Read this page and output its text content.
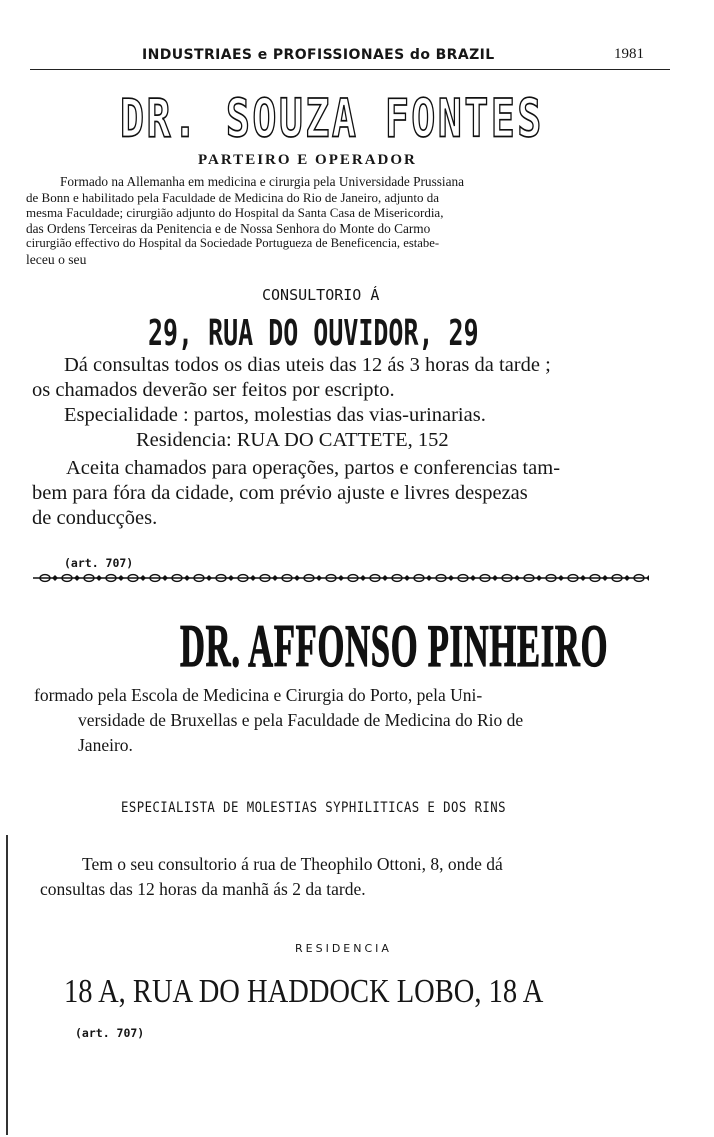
INDUSTRIAES e PROFISSIONAES do BRAZIL	1981
DR. SOUZA FONTES
PARTEIRO E OPERADOR
Formado na Allemanha em medicina e cirurgia pela Universidade Prussiana
de Bonn e habilitado pela Faculdade de Medicina do Rio de Janeiro, adjunto da
mesma Faculdade; cirurgião adjunto do Hospital da Santa Casa de Misericordia,
das Ordens Terceiras da Penitencia e de Nossa Senhora do Monte do Carmo
cirurgião effectivo do Hospital da Sociedade Portugueza de Beneficencia, estabe-
leceu o seu
CONSULTORIO Á
29, RUA DO OUVIDOR, 29
Dá consultas todos os dias uteis das 12 ás 3 horas da tarde ;
os chamados deverão ser feitos por escripto.
Especialidade : partos, molestias das vias-urinarias.
Residencia: RUA DO CATTETE, 152
Aceita chamados para operações, partos e conferencias tam-
bem para fóra da cidade, com prévio ajuste e livres despezas
de conducções.
(art. 707)
DR. AFFONSO PINHEIRO
formado pela Escola de Medicina e Cirurgia do Porto, pela Uni-
versidade de Bruxellas e pela Faculdade de Medicina do Rio de
Janeiro.
ESPECIALISTA DE MOLESTIAS SYPHILITICAS E DOS RINS
Tem o seu consultorio á rua de Theophilo Ottoni, 8, onde dá
consultas das 12 horas da manhã ás 2 da tarde.
RESIDENCIA
18 A, RUA DO HADDOCK LOBO, 18 A
(art. 707)
